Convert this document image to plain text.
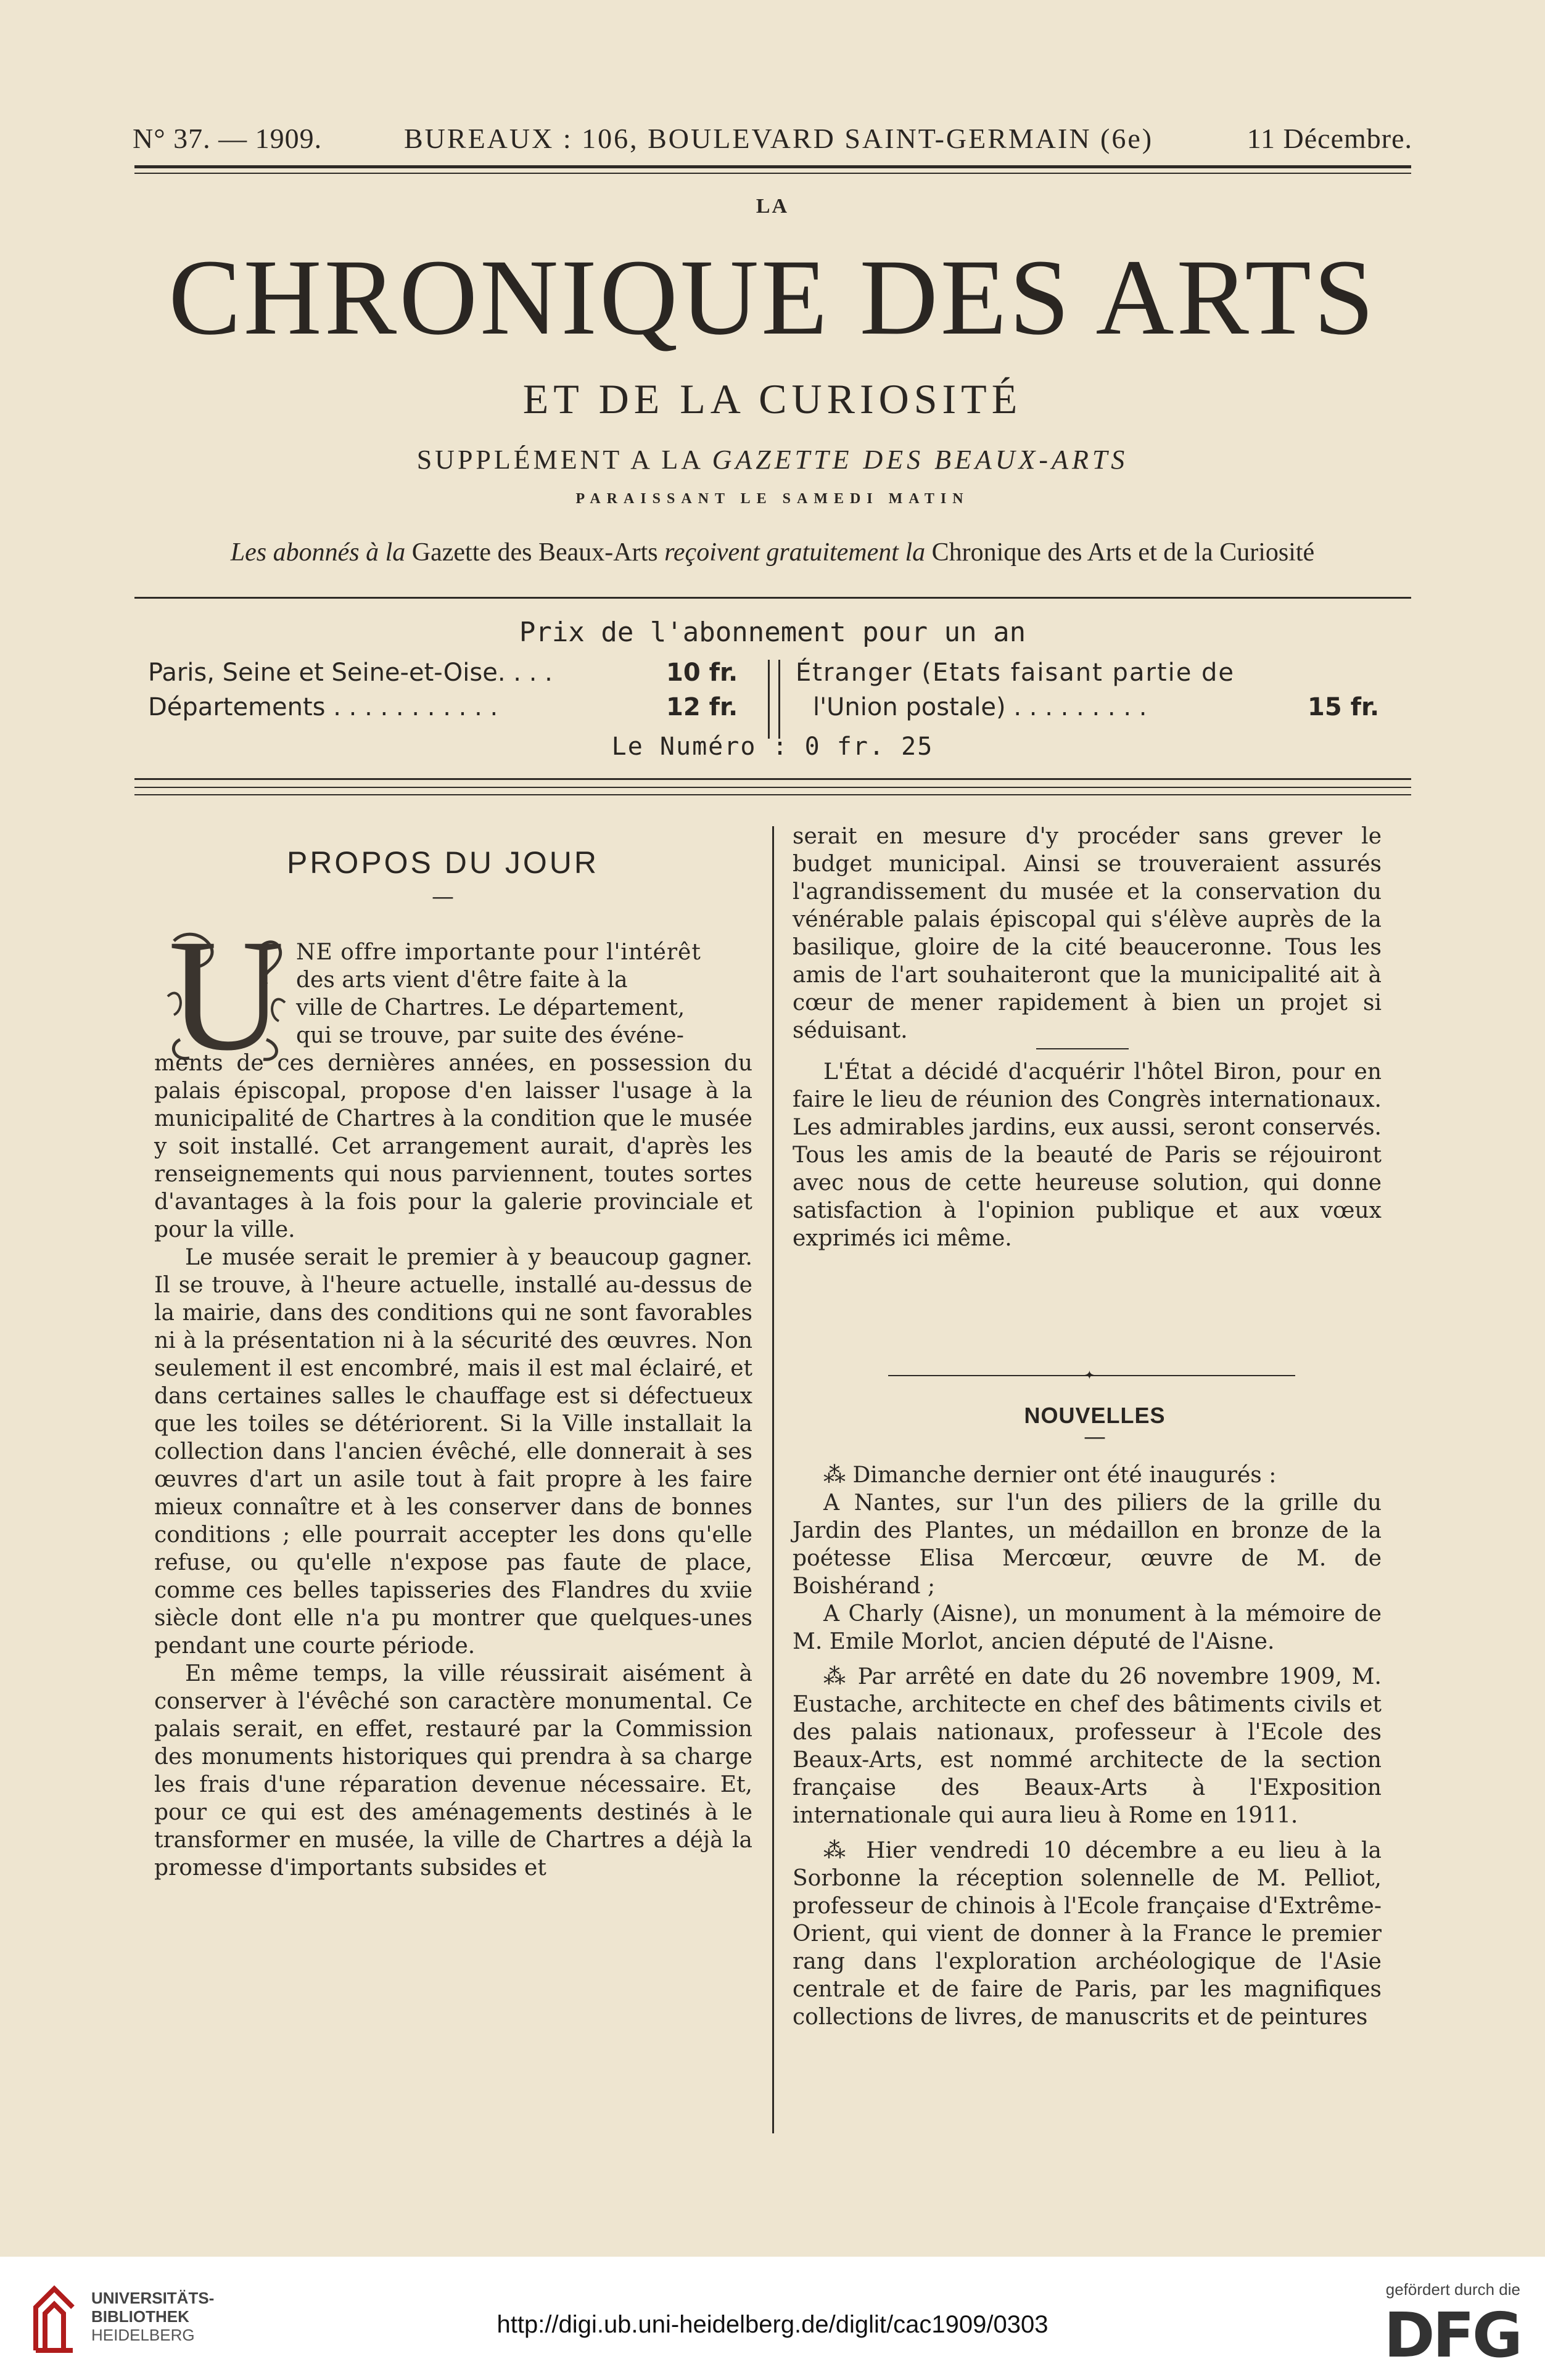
N° 37. — 1909.	BUREAUX : 106, BOULEVARD SAINT-GERMAIN (6e)	11 Décembre.
LA
CHRONIQUE DES ARTS
ET DE LA CURIOSITÉ
SUPPLÉMENT A LA GAZETTE DES BEAUX-ARTS
PARAISSANT LE SAMEDI MATIN
Les abonnés à la Gazette des Beaux-Arts reçoivent gratuitement la Chronique des Arts et de la Curiosité
Prix de l'abonnement pour un an
Paris, Seine et Seine-et-Oise. . . .	10 fr.
Départements . . . . . . . . . . .	12 fr.
Étranger (Etats faisant partie de
l'Union postale) . . . . . . . . .	15 fr.
Le Numéro : 0 fr. 25
PROPOS DU JOUR
—
U NE offre importante pour l'intérêt

des arts vient d'être faite à la

ville de Chartres. Le département,

qui se trouve, par suite des événe-

ments de ces dernières années, en possession du palais épiscopal, propose d'en laisser l'usage à la municipalité de Chartres à la condition que le musée y soit installé. Cet arrangement aurait, d'après les renseignements qui nous parviennent, toutes sortes d'avantages à la fois pour la galerie provinciale et pour la ville.

Le musée serait le premier à y beaucoup gagner. Il se trouve, à l'heure actuelle, installé au-dessus de la mairie, dans des conditions qui ne sont favorables ni à la présentation ni à la sécurité des œuvres. Non seulement il est encombré, mais il est mal éclairé, et dans certaines salles le chauffage est si défectueux que les toiles se détériorent. Si la Ville installait la collection dans l'ancien évêché, elle donnerait à ses œuvres d'art un asile tout à fait propre à les faire mieux connaître et à les conserver dans de bonnes conditions ; elle pourrait accepter les dons qu'elle refuse, ou qu'elle n'expose pas faute de place, comme ces belles tapisseries des Flandres du xviie siècle dont elle n'a pu montrer que quelques-unes pendant une courte période.

En même temps, la ville réussirait aisément à conserver à l'évêché son caractère monumental. Ce palais serait, en effet, restauré par la Commission des monuments historiques qui prendra à sa charge les frais d'une réparation devenue nécessaire. Et, pour ce qui est des aménagements destinés à le transformer en musée, la ville de Chartres a déjà la promesse d'importants subsides et

serait en mesure d'y procéder sans grever le budget municipal. Ainsi se trouveraient assurés l'agrandissement du musée et la conservation du vénérable palais épiscopal qui s'élève auprès de la basilique, gloire de la cité beauceronne. Tous les amis de l'art souhaiteront que la municipalité ait à cœur de mener rapidement à bien un projet si séduisant.

L'État a décidé d'acquérir l'hôtel Biron, pour en faire le lieu de réunion des Congrès internationaux. Les admirables jardins, eux aussi, seront conservés. Tous les amis de la beauté de Paris se réjouiront avec nous de cette heureuse solution, qui donne satisfaction à l'opinion publique et aux vœux exprimés ici même.

✦
NOUVELLES
—

⁂ Dimanche dernier ont été inaugurés :

A Nantes, sur l'un des piliers de la grille du Jardin des Plantes, un médaillon en bronze de la poétesse Elisa Mercœur, œuvre de M. de Boishérand ;

A Charly (Aisne), un monument à la mémoire de M. Emile Morlot, ancien député de l'Aisne.

⁂ Par arrêté en date du 26 novembre 1909, M. Eustache, architecte en chef des bâtiments civils et des palais nationaux, professeur à l'Ecole des Beaux-Arts, est nommé architecte de la section française des Beaux-Arts à l'Exposition internationale qui aura lieu à Rome en 1911.

⁂ Hier vendredi 10 décembre a eu lieu à la Sorbonne la réception solennelle de M. Pelliot, professeur de chinois à l'Ecole française d'Extrême-Orient, qui vient de donner à la France le premier rang dans l'exploration archéologique de l'Asie centrale et de faire de Paris, par les magnifiques collections de livres, de manuscrits et de peintures

UNIVERSITÄTS-
BIBLIOTHEK
HEIDELBERG	http://digi.ub.uni-heidelberg.de/diglit/cac1909/0303
gefördert durch die
DFG
